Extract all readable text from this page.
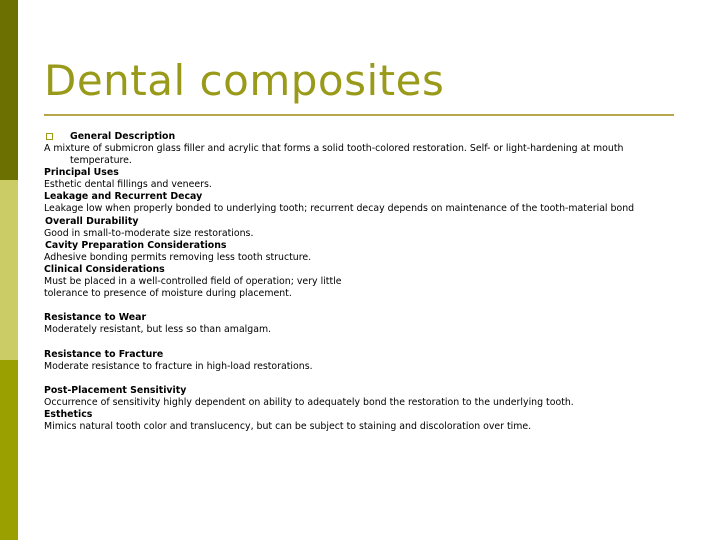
Dental composites
General Description
A mixture of submicron glass filler and acrylic that forms a solid tooth-colored restoration. Self- or light-hardening at mouth
temperature.
Principal Uses
Esthetic dental fillings and veneers.
Leakage and Recurrent Decay
Leakage low when properly bonded to underlying tooth; recurrent decay depends on maintenance of the tooth-material bond
Overall Durability
Good in small-to-moderate size restorations.
Cavity Preparation Considerations
Adhesive bonding permits removing less tooth structure.
Clinical Considerations
Must be placed in a well-controlled field of operation; very little
tolerance to presence of moisture during placement.
Resistance to Wear
Moderately resistant, but less so than amalgam.
Resistance to Fracture
Moderate resistance to fracture in high-load restorations.
Post-Placement Sensitivity
Occurrence of sensitivity highly dependent on ability to adequately bond the restoration to the underlying tooth.
Esthetics
Mimics natural tooth color and translucency, but can be subject to staining and discoloration over time.
